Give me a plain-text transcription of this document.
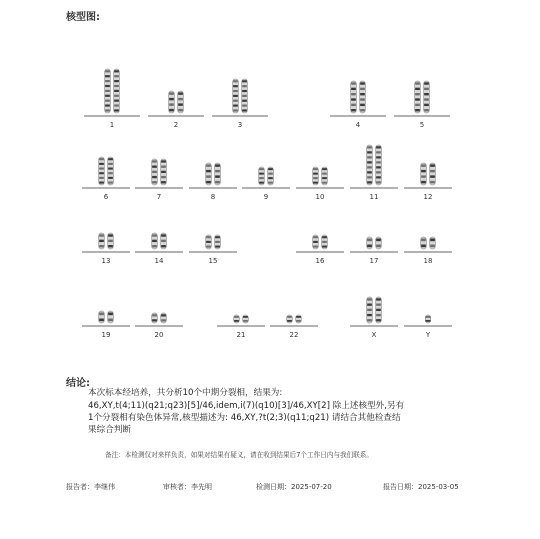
核型图:
1	2	3	4	5
6	7	8	9	10	11	12
13	14	15	16	17	18
19	20	21	22	X	Y
结论:
本次标本经培养，共分析10个中期分裂相，结果为:
46,XY,t(4;11)(q21;q23)[5]/46,idem,i(7)(q10)[3]/46,XY[2] 除上述核型外,另有
1个分裂相有染色体异常,核型描述为: 46,XY,?t(2;3)(q11;q21) 请结合其他检查结
果综合判断
备注：本检测仅对来样负责，如果对结果有疑义，请在收到结果后7个工作日内与我们联系。
报告者：李继伟	审核者：李先明	检测日期：2025-07-20	报告日期：2025-03-05
